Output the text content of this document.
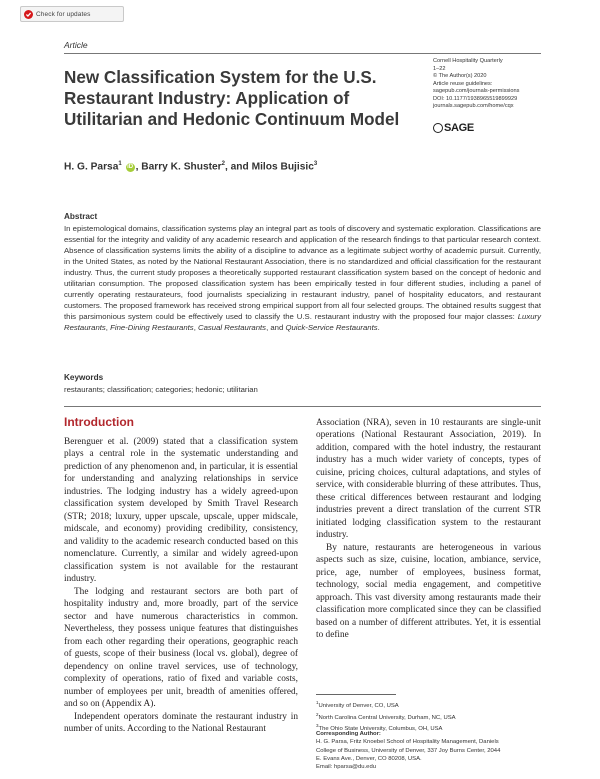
Check for updates
Article
New Classification System for the U.S. Restaurant Industry: Application of Utilitarian and Hedonic Continuum Model
Cornell Hospitality Quarterly
1–22
© The Author(s) 2020
Article reuse guidelines:
sagepub.com/journals-permissions
DOI: 10.1177/1938965519899929
journals.sagepub.com/home/cqx
SAGE
H. G. Parsa$^1$ iD , Barry K. Shuster$^2$, and Milos Bujisic$^3$
Abstract
In epistemological domains, classification systems play an integral part as tools of discovery and systematic exploration. Classifications are essential for the integrity and validity of any academic research and application of the research findings to that particular research context. Absence of classification systems limits the ability of a discipline to advance as a legitimate subject worthy of academic pursuit. Currently, in the United States, as noted by the National Restaurant Association, there is no standardized and official classification for the restaurant industry. Thus, the current study proposes a theoretically supported restaurant classification system based on the concept of hedonic and utilitarian consumption. The proposed classification system has been empirically tested in four different studies, including a panel of currently operating restaurateurs, food journalists specializing in restaurant industry, panel of hospitality educators, and restaurant customers. The proposed framework has received strong empirical support from all four selected groups. The obtained results suggest that this parsimonious system could be effectively used to classify the U.S. restaurant industry with the proposed four major classes: Luxury Restaurants, Fine-Dining Restaurants, Casual Restaurants, and Quick-Service Restaurants.
Keywords
restaurants; classification; categories; hedonic; utilitarian
Introduction

Berenguer et al. (2009) stated that a classification system plays a central role in the systematic understanding and prediction of any phenomenon and, in particular, it is essential for understanding and analyzing relationships in service industries. The lodging industry has a widely agreed-upon classification system developed by Smith Travel Research (STR; 2018; luxury, upper upscale, upscale, upper midscale, midscale, and economy) providing credibility, consistency, and validity to the academic research conducted based on this nomenclature. Currently, a similar and widely agreed-upon classification system is not available for the restaurant industry.

The lodging and restaurant sectors are both part of hospitality industry and, more broadly, part of the service sector and have numerous characteristics in common. Nevertheless, they possess unique features that distinguishes from each other regarding their operations, geographic reach of guests, scope of their business (local vs. global), degree of dependency on online travel services, use of technology, complexity of operations, ratio of fixed and variable costs, number of employees per unit, breadth of amenities offered, and so on (Appendix A).

Independent operators dominate the restaurant industry in number of units. According to the National Restaurant

Association (NRA), seven in 10 restaurants are single-unit operations (National Restaurant Association, 2019). In addition, compared with the hotel industry, the restaurant industry has a much wider variety of concepts, types of cuisine, pricing choices, cultural adaptations, and styles of service, with considerable blurring of these attributes. Thus, these critical differences between restaurant and lodging industries prevent a direct translation of the current STR initiated lodging classification system to the restaurant industry.

By nature, restaurants are heterogeneous in various aspects such as size, cuisine, location, ambiance, service, price, age, number of employees, business format, technology, social media engagement, and competitive approach. This vast diversity among restaurants made their classification more complicated since they can be classified based on a number of different attributes. Yet, it is essential to define

$^1$University of Denver, CO, USA
$^2$North Carolina Central University, Durham, NC, USA
$^3$The Ohio State University, Columbus, OH, USA
Corresponding Author:
H. G. Parsa, Fritz Knoebel School of Hospitality Management, Daniels
College of Business, University of Denver, 337 Joy Burns Center, 2044
E. Evans Ave., Denver, CO 80208, USA.
Email: hparsa@du.edu
